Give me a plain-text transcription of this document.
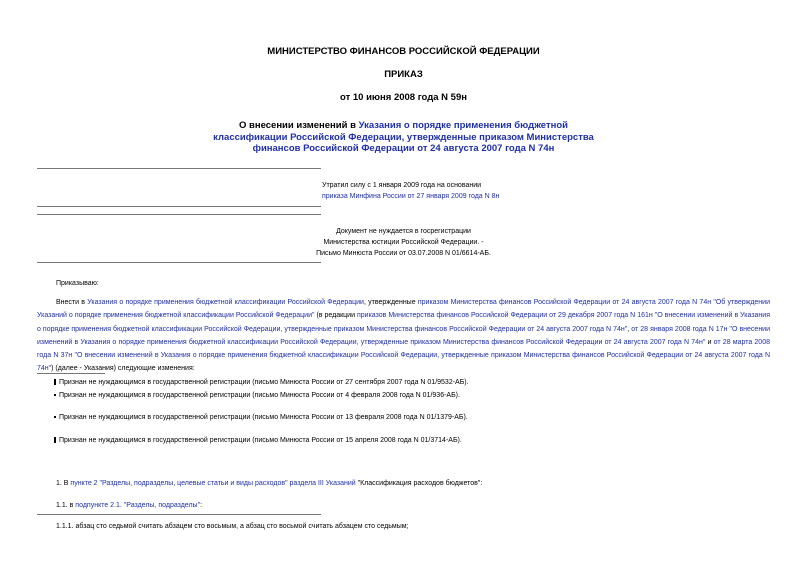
МИНИСТЕРСТВО ФИНАНСОВ РОССИЙСКОЙ ФЕДЕРАЦИИ
ПРИКАЗ
от 10 июня 2008 года N 59н
О внесении изменений в Указания о порядке применения бюджетной классификации Российской Федерации, утвержденные приказом Министерства финансов Российской Федерации от 24 августа 2007 года N 74н
Утратил силу с 1 января 2009 года на основании
приказа Минфина России от 27 января 2009 года N 8н
Документ не нуждается в госрегистрации
Министерства юстиции Российской Федерации. -
Письмо Минюста России от 03.07.2008 N 01/6614-АБ.
Приказываю:
Внести в Указания о порядке применения бюджетной классификации Российской Федерации, утвержденные приказом Министерства финансов Российской Федерации от 24 августа 2007 года N 74н "Об утверждении Указаний о порядке применения бюджетной классификации Российской Федерации" (в редакции приказов Министерства финансов Российской Федерации от 29 декабря 2007 года N 161н "О внесении изменений в Указания о порядке применения бюджетной классификации Российской Федерации, утвержденные приказом Министерства финансов Российской Федерации от 24 августа 2007 года N 74н", от 28 января 2008 года N 17н "О внесении изменений в Указания о порядке применения бюджетной классификации Российской Федерации, утвержденные приказом Министерства финансов Российской Федерации от 24 августа 2007 года N 74н" и от 28 марта 2008 года N 37н "О внесении изменений в Указания о порядке применения бюджетной классификации Российской Федерации, утвержденные приказом Министерства финансов Российской Федерации от 24 августа 2007 года N 74н") (далее - Указания) следующие изменения:
Признан не нуждающимся в государственной регистрации (письмо Минюста России от 27 сентября 2007 года N 01/9532-АБ).
Признан не нуждающимся в государственной регистрации (письмо Минюста России от 4 февраля 2008 года N 01/936-АБ).
Признан не нуждающимся в государственной регистрации (письмо Минюста России от 13 февраля 2008 года N 01/1379-АБ).
Признан не нуждающимся в государственной регистрации (письмо Минюста России от 15 апреля 2008 года N 01/3714-АБ).
1. В пункте 2 "Разделы, подразделы, целевые статьи и виды расходов" раздела III Указаний "Классификация расходов бюджетов":
1.1. в подпункте 2.1. "Разделы, подразделы":
1.1.1. абзац сто седьмой считать абзацем сто восьмым, а абзац сто восьмой считать абзацем сто седьмым;
